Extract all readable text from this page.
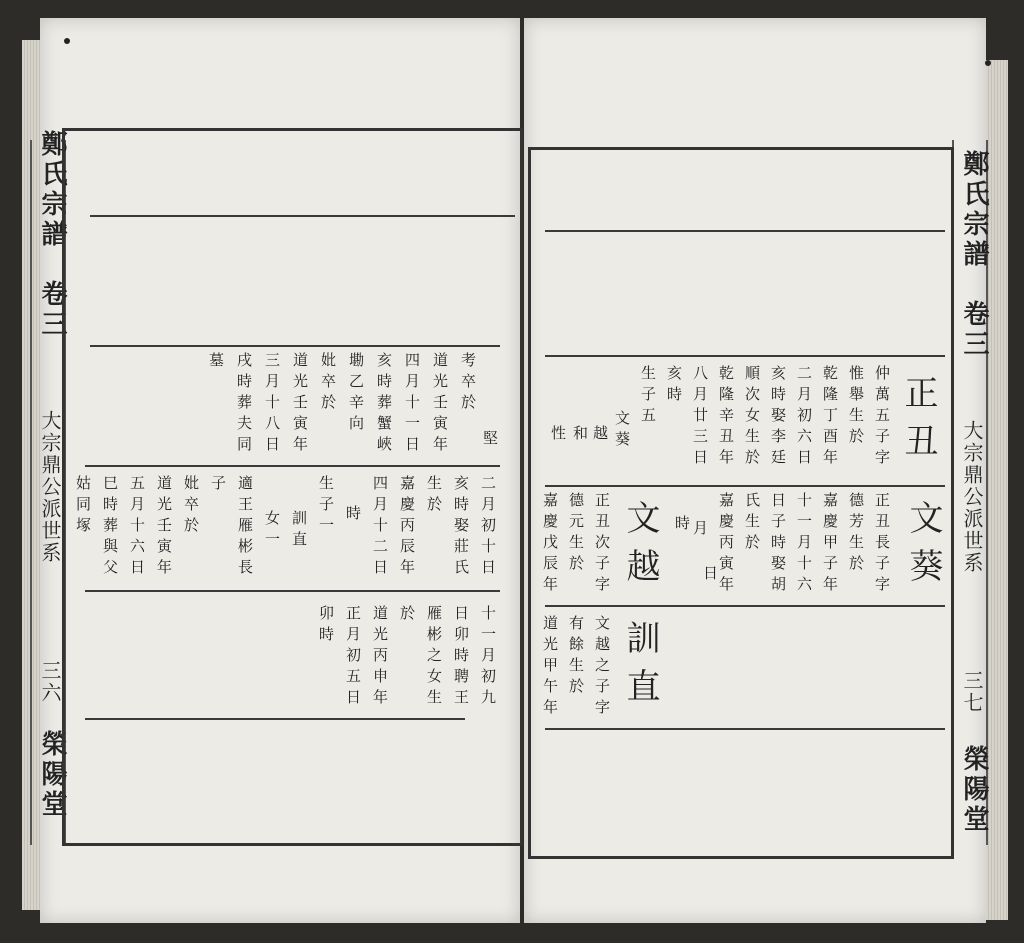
鄭氏宗譜
卷三
大宗鼎公派世系
三六
榮陽堂
鄭氏宗譜
卷三
大宗鼎公派世系
三七
榮陽堂
堅
考卒於
道光壬寅年
四月十一日
亥時葬蟹峽
墈乙辛向
妣卒於
道光壬寅年
三月十八日
戌時葬夫同
墓
二月初十日
亥時娶莊氏
生於
嘉慶丙辰年
四月十二日
時
生子一
訓直
女一
適王雁彬長
子
妣卒於
道光壬寅年
五月十六日
巳時葬與父
姑同塚
十一月初九
日卯時聘王
雁彬之女生
於
道光丙申年
正月初五日
卯時
正丑
文葵
文越
訓直
仲萬五子字
惟舉生於
乾隆丁酉年
二月初六日
亥時娶李廷
順次女生於
乾隆辛丑年
八月廿三日
亥時
生子五
文葵
越
和
性
正丑長子字
德芳生於
嘉慶甲子年
十一月十六
日子時娶胡
氏生於
嘉慶丙寅年
月
日
時
正丑次子字
德元生於
嘉慶戊辰年
文越之子字
有餘生於
道光甲午年
